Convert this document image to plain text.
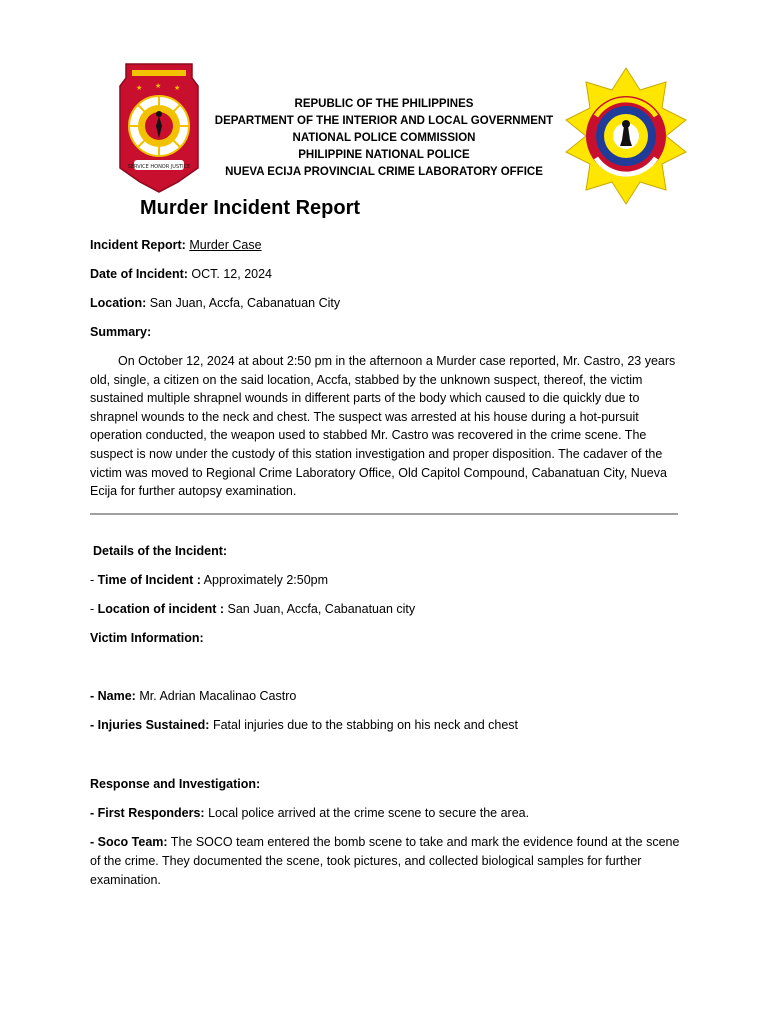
★ ★ ★
SERVICE HONOR JUSTICE
REPUBLIC OF THE PHILIPPINES
DEPARTMENT OF THE INTERIOR AND LOCAL GOVERNMENT
NATIONAL POLICE COMMISSION
PHILIPPINE NATIONAL POLICE
NUEVA ECIJA PROVINCIAL CRIME LABORATORY OFFICE
Murder Incident Report
Incident Report: Murder Case
Date of Incident: OCT. 12, 2024
Location: San Juan, Accfa, Cabanatuan City
Summary:
On October 12, 2024 at about 2:50 pm in the afternoon a Murder case reported, Mr. Castro, 23 years old, single, a citizen on the said location, Accfa, stabbed by the unknown suspect, thereof, the victim sustained multiple shrapnel wounds in different parts of the body which caused to die quickly due to shrapnel wounds to the neck and chest. The suspect was arrested at his house during a hot-pursuit operation conducted, the weapon used to stabbed Mr. Castro was recovered in the crime scene. The suspect is now under the custody of this station investigation and proper disposition. The cadaver of the victim was moved to Regional Crime Laboratory Office, Old Capitol Compound, Cabanatuan City, Nueva Ecija for further autopsy examination.
Details of the Incident:
- Time of Incident : Approximately 2:50pm
- Location of incident : San Juan, Accfa, Cabanatuan city
Victim Information:
- Name: Mr. Adrian Macalinao Castro
- Injuries Sustained: Fatal injuries due to the stabbing on his neck and chest
Response and Investigation:
- First Responders: Local police arrived at the crime scene to secure the area.
- Soco Team: The SOCO team entered the bomb scene to take and mark the evidence found at the scene of the crime. They documented the scene, took pictures, and collected biological samples for further examination.
